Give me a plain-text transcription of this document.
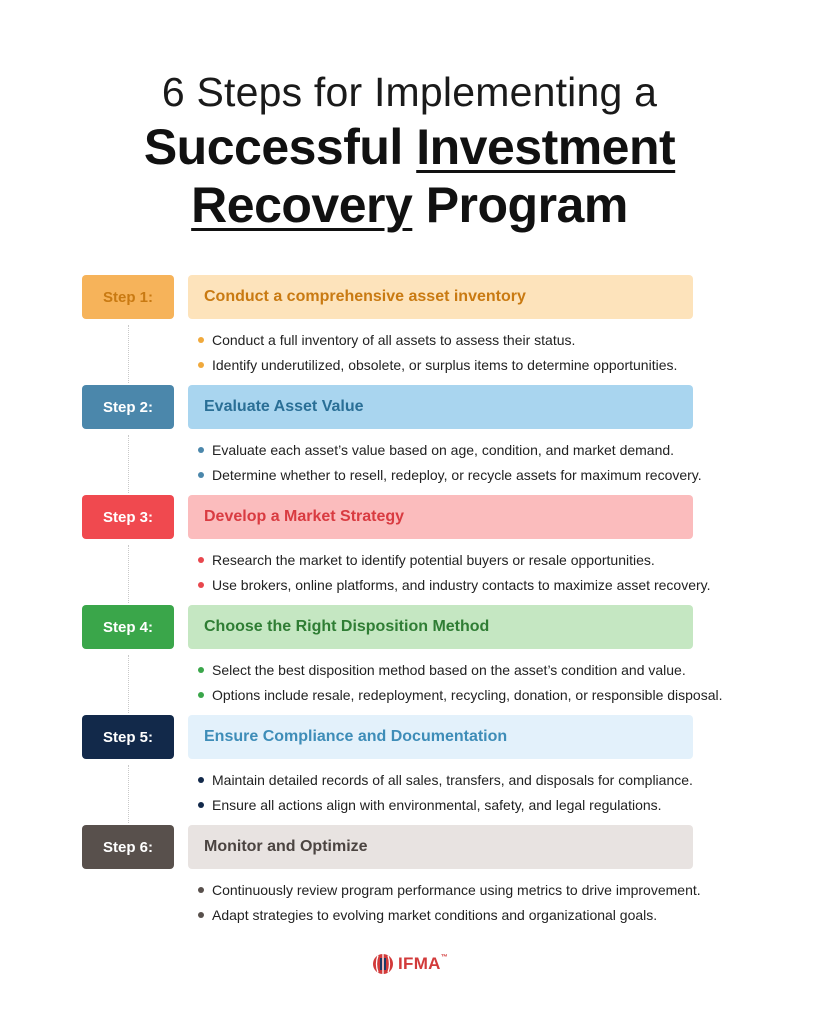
6 Steps for Implementing a
Successful Investment
Recovery Program
Step 1:	Conduct a comprehensive asset inventory
Conduct a full inventory of all assets to assess their status.
Identify underutilized, obsolete, or surplus items to determine opportunities.
Step 2:	Evaluate Asset Value
Evaluate each asset’s value based on age, condition, and market demand.
Determine whether to resell, redeploy, or recycle assets for maximum recovery.
Step 3:	Develop a Market Strategy
Research the market to identify potential buyers or resale opportunities.
Use brokers, online platforms, and industry contacts to maximize asset recovery.
Step 4:	Choose the Right Disposition Method
Select the best disposition method based on the asset’s condition and value.
Options include resale, redeployment, recycling, donation, or responsible disposal.
Step 5:	Ensure Compliance and Documentation
Maintain detailed records of all sales, transfers, and disposals for compliance.
Ensure all actions align with environmental, safety, and legal regulations.
Step 6:	Monitor and Optimize
Continuously review program performance using metrics to drive improvement.
Adapt strategies to evolving market conditions and organizational goals.
IFMA™
